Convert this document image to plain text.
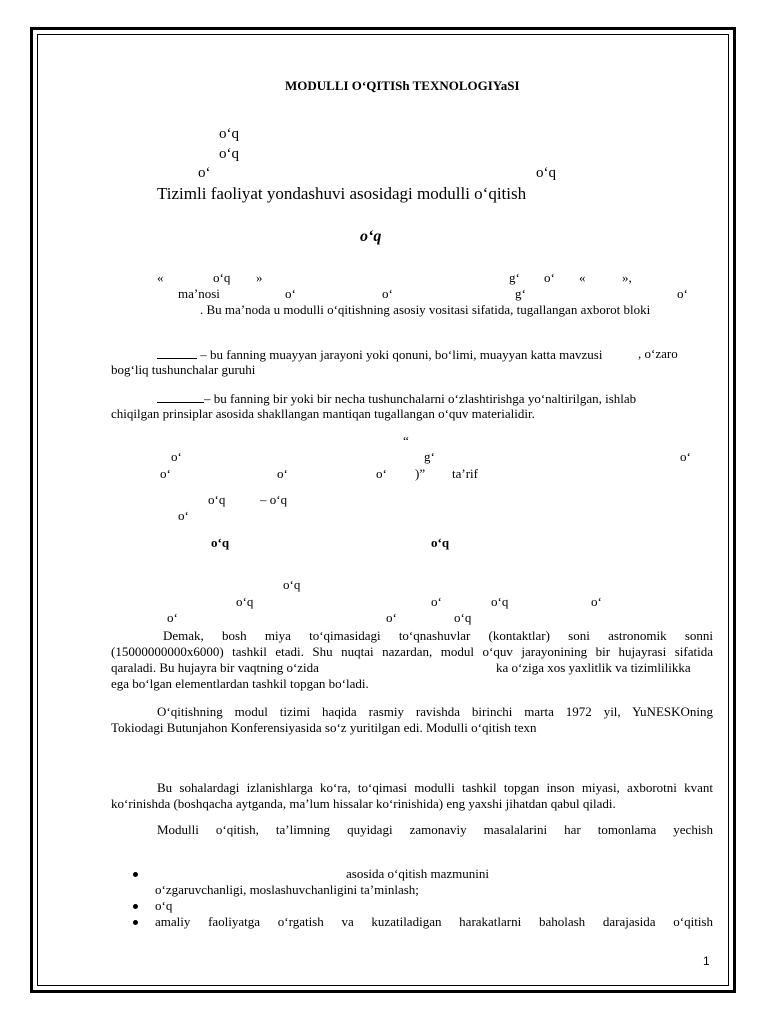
MODULLI O‘QITISh TEXNOLOGIYaSI
o‘q
o‘q
o‘	o‘q
Tizimli faoliyat yondashuvi asosidagi modulli o‘qitish
o‘q
«	o‘q »	g‘ o‘ «	»,
ma’nosi	o‘	o‘	g‘	o‘
. Bu ma’noda u modulli o‘qitishning asosiy vositasi sifatida, tugallangan axborot bloki
– bu fanning muayyan jarayoni yoki qonuni, bo‘limi, muayyan katta mavzusi	, o‘zaro
bog‘liq tushunchalar guruhi
– bu fanning bir yoki bir necha tushunchalarni o‘zlashtirishga yo‘naltirilgan, ishlab
chiqilgan prinsiplar asosida shakllangan mantiqan tugallangan o‘quv materialidir.
“
o‘	g‘	o‘
o‘	o‘	o‘ )” ta’rif
o‘q	– o‘q
o‘
o‘q	o‘q
o‘q
o‘q	o‘	o‘q	o‘
o‘	o‘	o‘q
Demak, bosh miya to‘qimasidagi to‘qnashuvlar (kontaktlar) soni astronomik sonni
(15000000000x6000) tashkil etadi. Shu nuqtai nazardan, modul o‘quv jarayonining bir hujayrasi sifatida
qaraladi. Bu hujayra bir vaqtning o‘zida	ka o‘ziga xos yaxlitlik va tizimlilikka
ega bo‘lgan elementlardan tashkil topgan bo‘ladi.
O‘qitishning modul tizimi haqida rasmiy ravishda birinchi marta 1972 yil, YuNESKOning
Tokiodagi Butunjahon Konferensiyasida so‘z yuritilgan edi. Modulli o‘qitish texn
Bu sohalardagi izlanishlarga ko‘ra, to‘qimasi modulli tashkil topgan inson miyasi, axborotni kvant
ko‘rinishda (boshqacha aytganda, ma’lum hissalar ko‘rinishida) eng yaxshi jihatdan qabul qiladi.
Modulli o‘qitish, ta’limning quyidagi zamonaviy masalalarini har tomonlama yechish
asosida o‘qitish mazmunini
o‘zgaruvchanligi, moslashuvchanligini ta’minlash;
o‘q
amaliy faoliyatga o‘rgatish va kuzatiladigan harakatlarni baholash darajasida o‘qitish
1
